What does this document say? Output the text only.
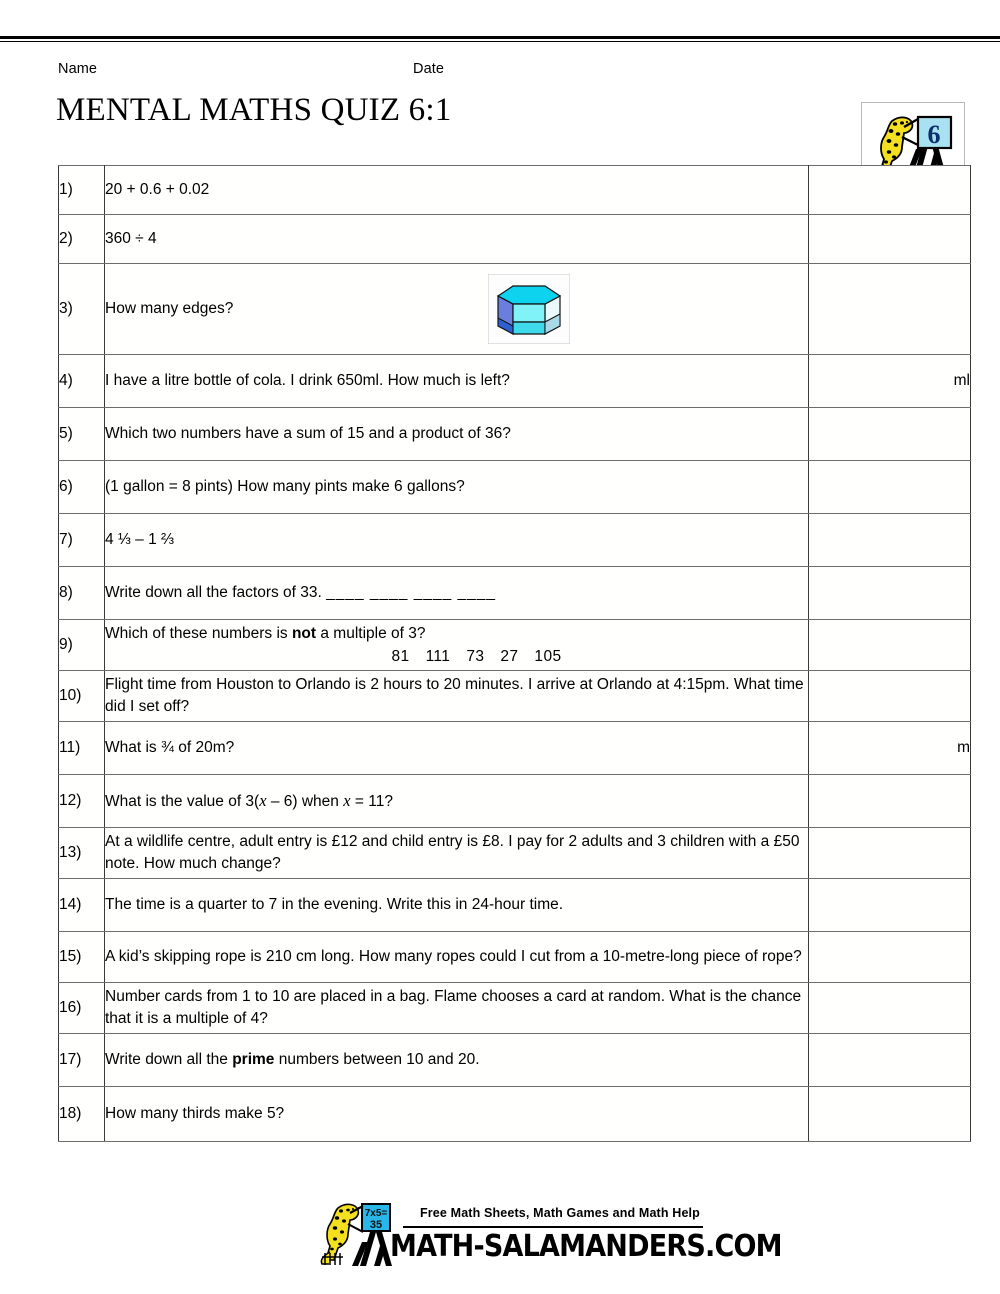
Name	Date
MENTAL MATHS QUIZ 6:1
6
1)	20 + 0.6 + 0.02	
2)	360 ÷ 4	
3)	How many edges?	

4)	I have a litre bottle of cola. I drink 650ml. How much is left?	ml
5)	Which two numbers have a sum of 15 and a product of 36?	
6)	(1 gallon = 8 pints) How many pints make 6 gallons?	
7)	4 ⅓ – 1 ⅔	
8)	Write down all the factors of 33. ____ ____ ____ ____	
9)	Which of these numbers is not a multiple of 3?
81 111 73 27 105	

10)	Flight time from Houston to Orlando is 2 hours to 20 minutes. I arrive at Orlando at 4:15pm. What time did I set off?	
11)	What is ¾ of 20m?	m
12)	What is the value of 3(x – 6) when x = 11?	
13)	At a wildlife centre, adult entry is £12 and child entry is £8. I pay for 2 adults and 3 children with a £50 note. How much change?	
14)	The time is a quarter to 7 in the evening. Write this in 24-hour time.	
15)	A kid’s skipping rope is 210 cm long. How many ropes could I cut from a 10-metre-long piece of rope?	
16)	Number cards from 1 to 10 are placed in a bag. Flame chooses a card at random. What is the chance that it is a multiple of 4?	
17)	Write down all the prime numbers between 10 and 20.	
18)	How many thirds make 5?	
7x5=
35
Free Math Sheets, Math Games and Math Help
MATH-SALAMANDERS.COM
